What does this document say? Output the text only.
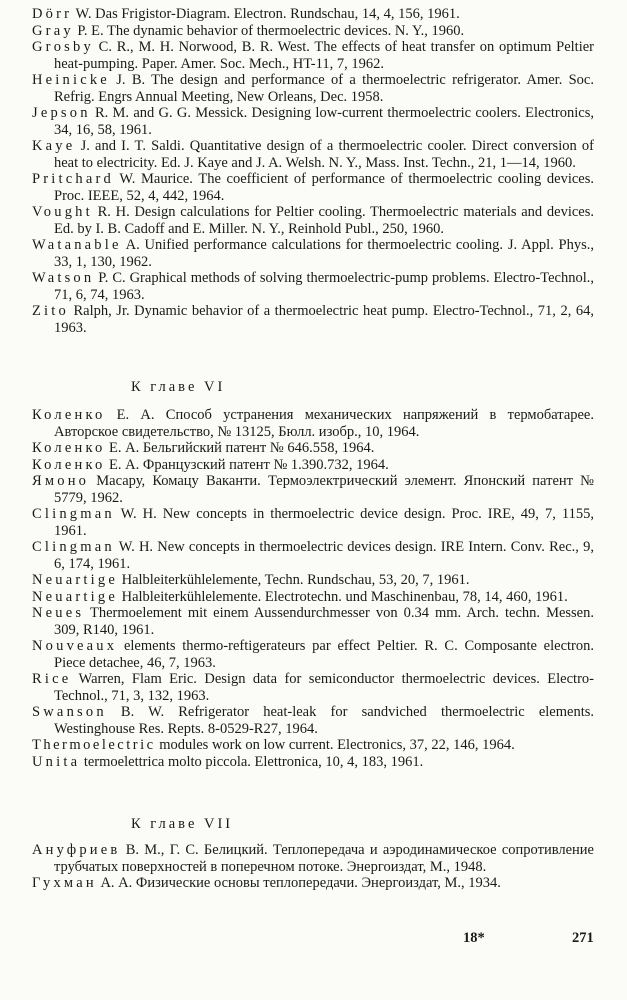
Dörr W. Das Frigistor-Diagram. Electron. Rundschau, 14, 4, 156, 1961.

Gray P. E. The dynamic behavior of thermoelectric devices. N. Y., 1960.

Grosby C. R., M. H. Norwood, B. R. West. The effects of heat transfer on optimum Peltier heat-pumping. Paper. Amer. Soc. Mech., HT-11, 7, 1962.

Heinicke J. B. The design and performance of a thermoelectric refrigerator. Amer. Soc. Refrig. Engrs Annual Meeting, New Orleans, Dec. 1958.

Jepson R. M. and G. G. Messick. Designing low-current thermoelectric coolers. Electronics, 34, 16, 58, 1961.

Kaye J. and I. T. Saldi. Quantitative design of a thermoelectric cooler. Direct conversion of heat to electricity. Ed. J. Kaye and J. A. Welsh. N. Y., Mass. Inst. Techn., 21, 1—14, 1960.

Pritchard W. Maurice. The coefficient of performance of thermoelectric cooling devices. Proc. IEEE, 52, 4, 442, 1964.

Vought R. H. Design calculations for Peltier cooling. Thermoelectric materials and devices. Ed. by I. B. Cadoff and E. Miller. N. Y., Reinhold Publ., 250, 1960.

Watanable A. Unified performance calculations for thermoelectric cooling. J. Appl. Phys., 33, 1, 130, 1962.

Watson P. C. Graphical methods of solving thermoelectric-pump problems. Electro-Technol., 71, 6, 74, 1963.

Zito Ralph, Jr. Dynamic behavior of a thermoelectric heat pump. Electro-Technol., 71, 2, 64, 1963.

К главе VI

Коленко Е. А. Способ устранения механических напряжений в термобатарее. Авторское свидетельство, № 13125, Бюлл. изобр., 10, 1964.

Коленко Е. А. Бельгийский патент № 646.558, 1964.

Коленко Е. А. Французский патент № 1.390.732, 1964.

Ямоно Масару, Комацу Ваканти. Термоэлектрический элемент. Японский патент № 5779, 1962.

Clingman W. H. New concepts in thermoelectric device design. Proc. IRE, 49, 7, 1155, 1961.

Clingman W. H. New concepts in thermoelectric devices design. IRE Intern. Conv. Rec., 9, 6, 174, 1961.

Neuartige Halbleiterkühlelemente, Techn. Rundschau, 53, 20, 7, 1961.

Neuartige Halbleiterkühlelemente. Electrotechn. und Maschinenbau, 78, 14, 460, 1961.

Neues Thermoelement mit einem Aussendurchmesser von 0.34 mm. Arch. techn. Messen. 309, R140, 1961.

Nouveaux elements thermo-reftigerateurs par effect Peltier. R. C. Composante electron. Piece detachee, 46, 7, 1963.

Rice Warren, Flam Eric. Design data for semiconductor thermoelectric devices. Electro-Technol., 71, 3, 132, 1963.

Swanson B. W. Refrigerator heat-leak for sandviched thermoelectric elements. Westinghouse Res. Repts. 8-0529-R27, 1964.

Thermoelectric modules work on low current. Electronics, 37, 22, 146, 1964.

Unita termoelettrica molto piccola. Elettronica, 10, 4, 183, 1961.

К главе VII

Ануфриев В. М., Г. С. Белицкий. Теплопередача и аэродинамическое сопротивление трубчатых поверхностей в поперечном потоке. Энергоиздат, М., 1948.

Гухман А. А. Физические основы теплопередачи. Энергоиздат, М., 1934.

18*	271
